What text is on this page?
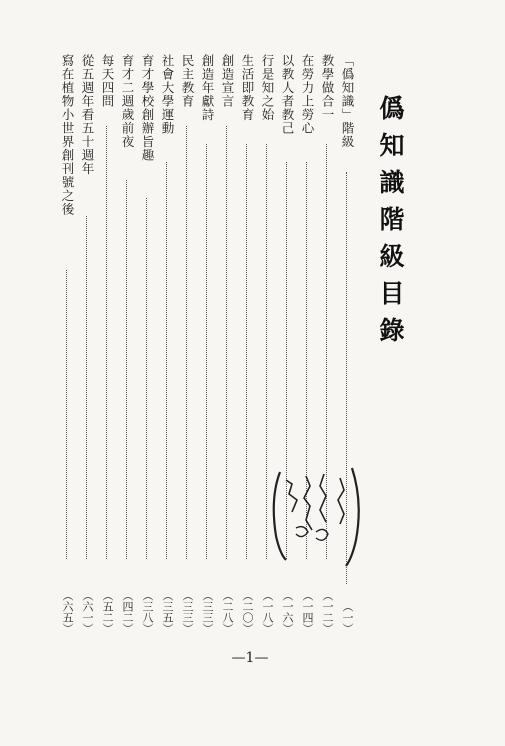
僞知識階級目錄
「僞知識」階級
（一）
教學做合一
（一二）
在勞力上勞心
（一四）
以教人者教己
（一六）
行是知之始
（一八）
生活即教育
（二〇）
創造宣言
（二八）
創造年獻詩
（三三）
民主教育
（三三）
社會大學運動
（三五）
育才學校創辦旨趣
（三八）
育才二週歲前夜
（四二）
每天四問
（五二）
從五週年看五十週年
（六一）
寫在植物小世界創刊號之後
（六五）
—1—
